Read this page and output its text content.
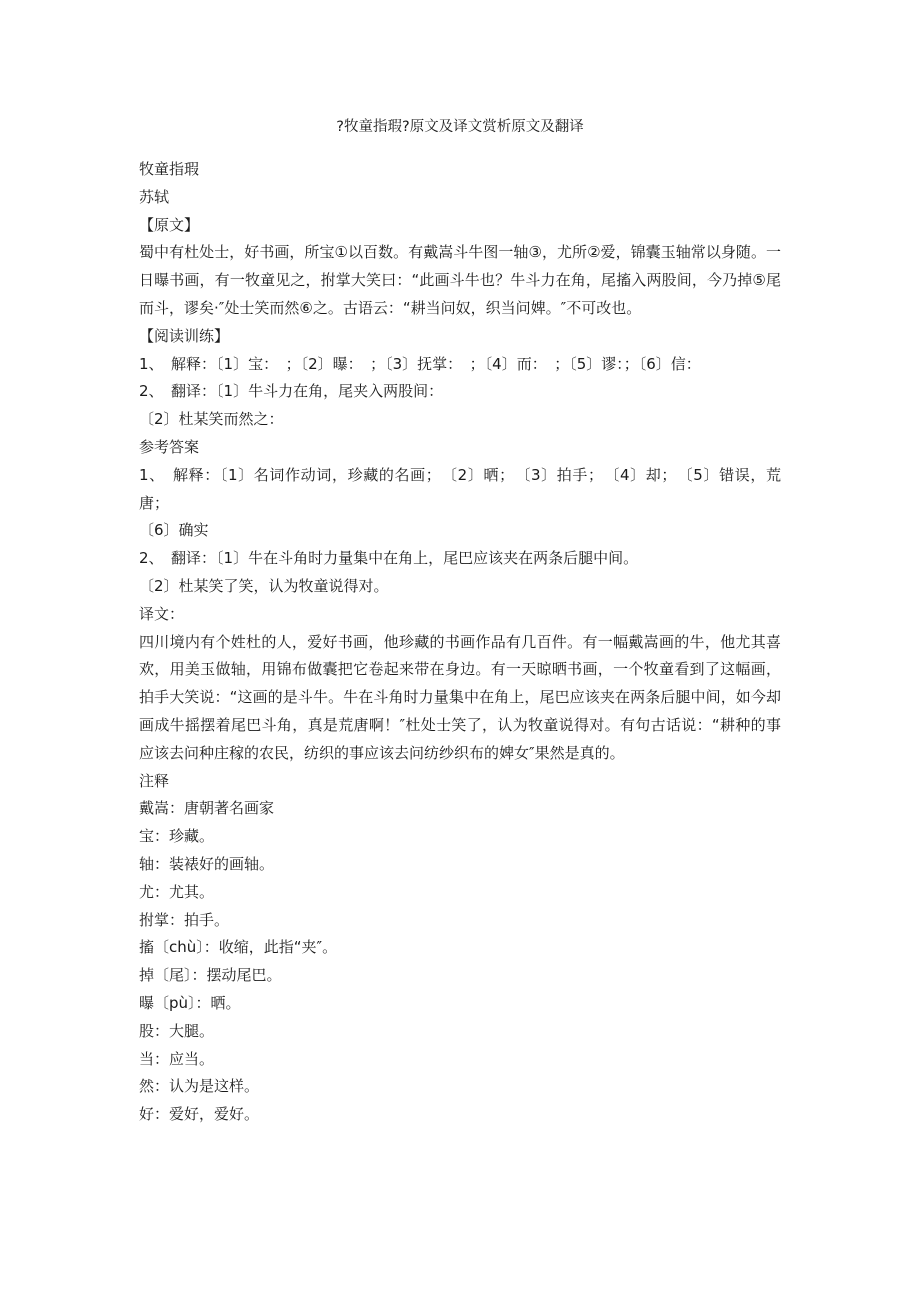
?牧童指瑕?原文及译文赏析原文及翻译

牧童指瑕

苏轼

【原文】

蜀中有杜处士，好书画，所宝①以百数。有戴嵩斗牛图一轴③，尤所②爱，锦囊玉轴常以身随。一日曝书画，有一牧童见之，拊掌大笑曰：“此画斗牛也？牛斗力在角，尾搐入两股间，今乃掉⑤尾而斗，谬矣·″处士笑而然⑥之。古语云：“耕当问奴，织当问婢。″不可改也。

【阅读训练】

1、　解释：〔1〕宝：　；〔2〕曝：　；〔3〕抚掌：　；〔4〕而：　；〔5〕谬：；〔6〕信：

2、　翻译：〔1〕牛斗力在角，尾夹入两股间：

〔2〕杜某笑而然之：

参考答案

1、　解释：〔1〕名词作动词，珍藏的名画；　〔2〕晒；　〔3〕拍手；　〔4〕却；　〔5〕错误，荒唐；

〔6〕确实

2、　翻译：〔1〕牛在斗角时力量集中在角上，尾巴应该夹在两条后腿中间。

〔2〕杜某笑了笑，认为牧童说得对。

译文：

四川境内有个姓杜的人，爱好书画，他珍藏的书画作品有几百件。有一幅戴嵩画的牛，他尤其喜欢，用美玉做轴，用锦布做囊把它卷起来带在身边。有一天晾晒书画，一个牧童看到了这幅画，拍手大笑说：“这画的是斗牛。牛在斗角时力量集中在角上，尾巴应该夹在两条后腿中间，如今却画成牛摇摆着尾巴斗角，真是荒唐啊！″杜处士笑了，认为牧童说得对。有句古话说：“耕种的事应该去问种庄稼的农民，纺织的事应该去问纺纱织布的婢女″果然是真的。

注释

戴嵩：唐朝著名画家

宝：珍藏。

轴：装裱好的画轴。

尤：尤其。

拊掌：拍手。

搐〔chù〕：收缩，此指“夹″。

掉〔尾〕：摆动尾巴。

曝〔pù〕：晒。

股：大腿。

当：应当。

然：认为是这样。

好：爱好，爱好。
